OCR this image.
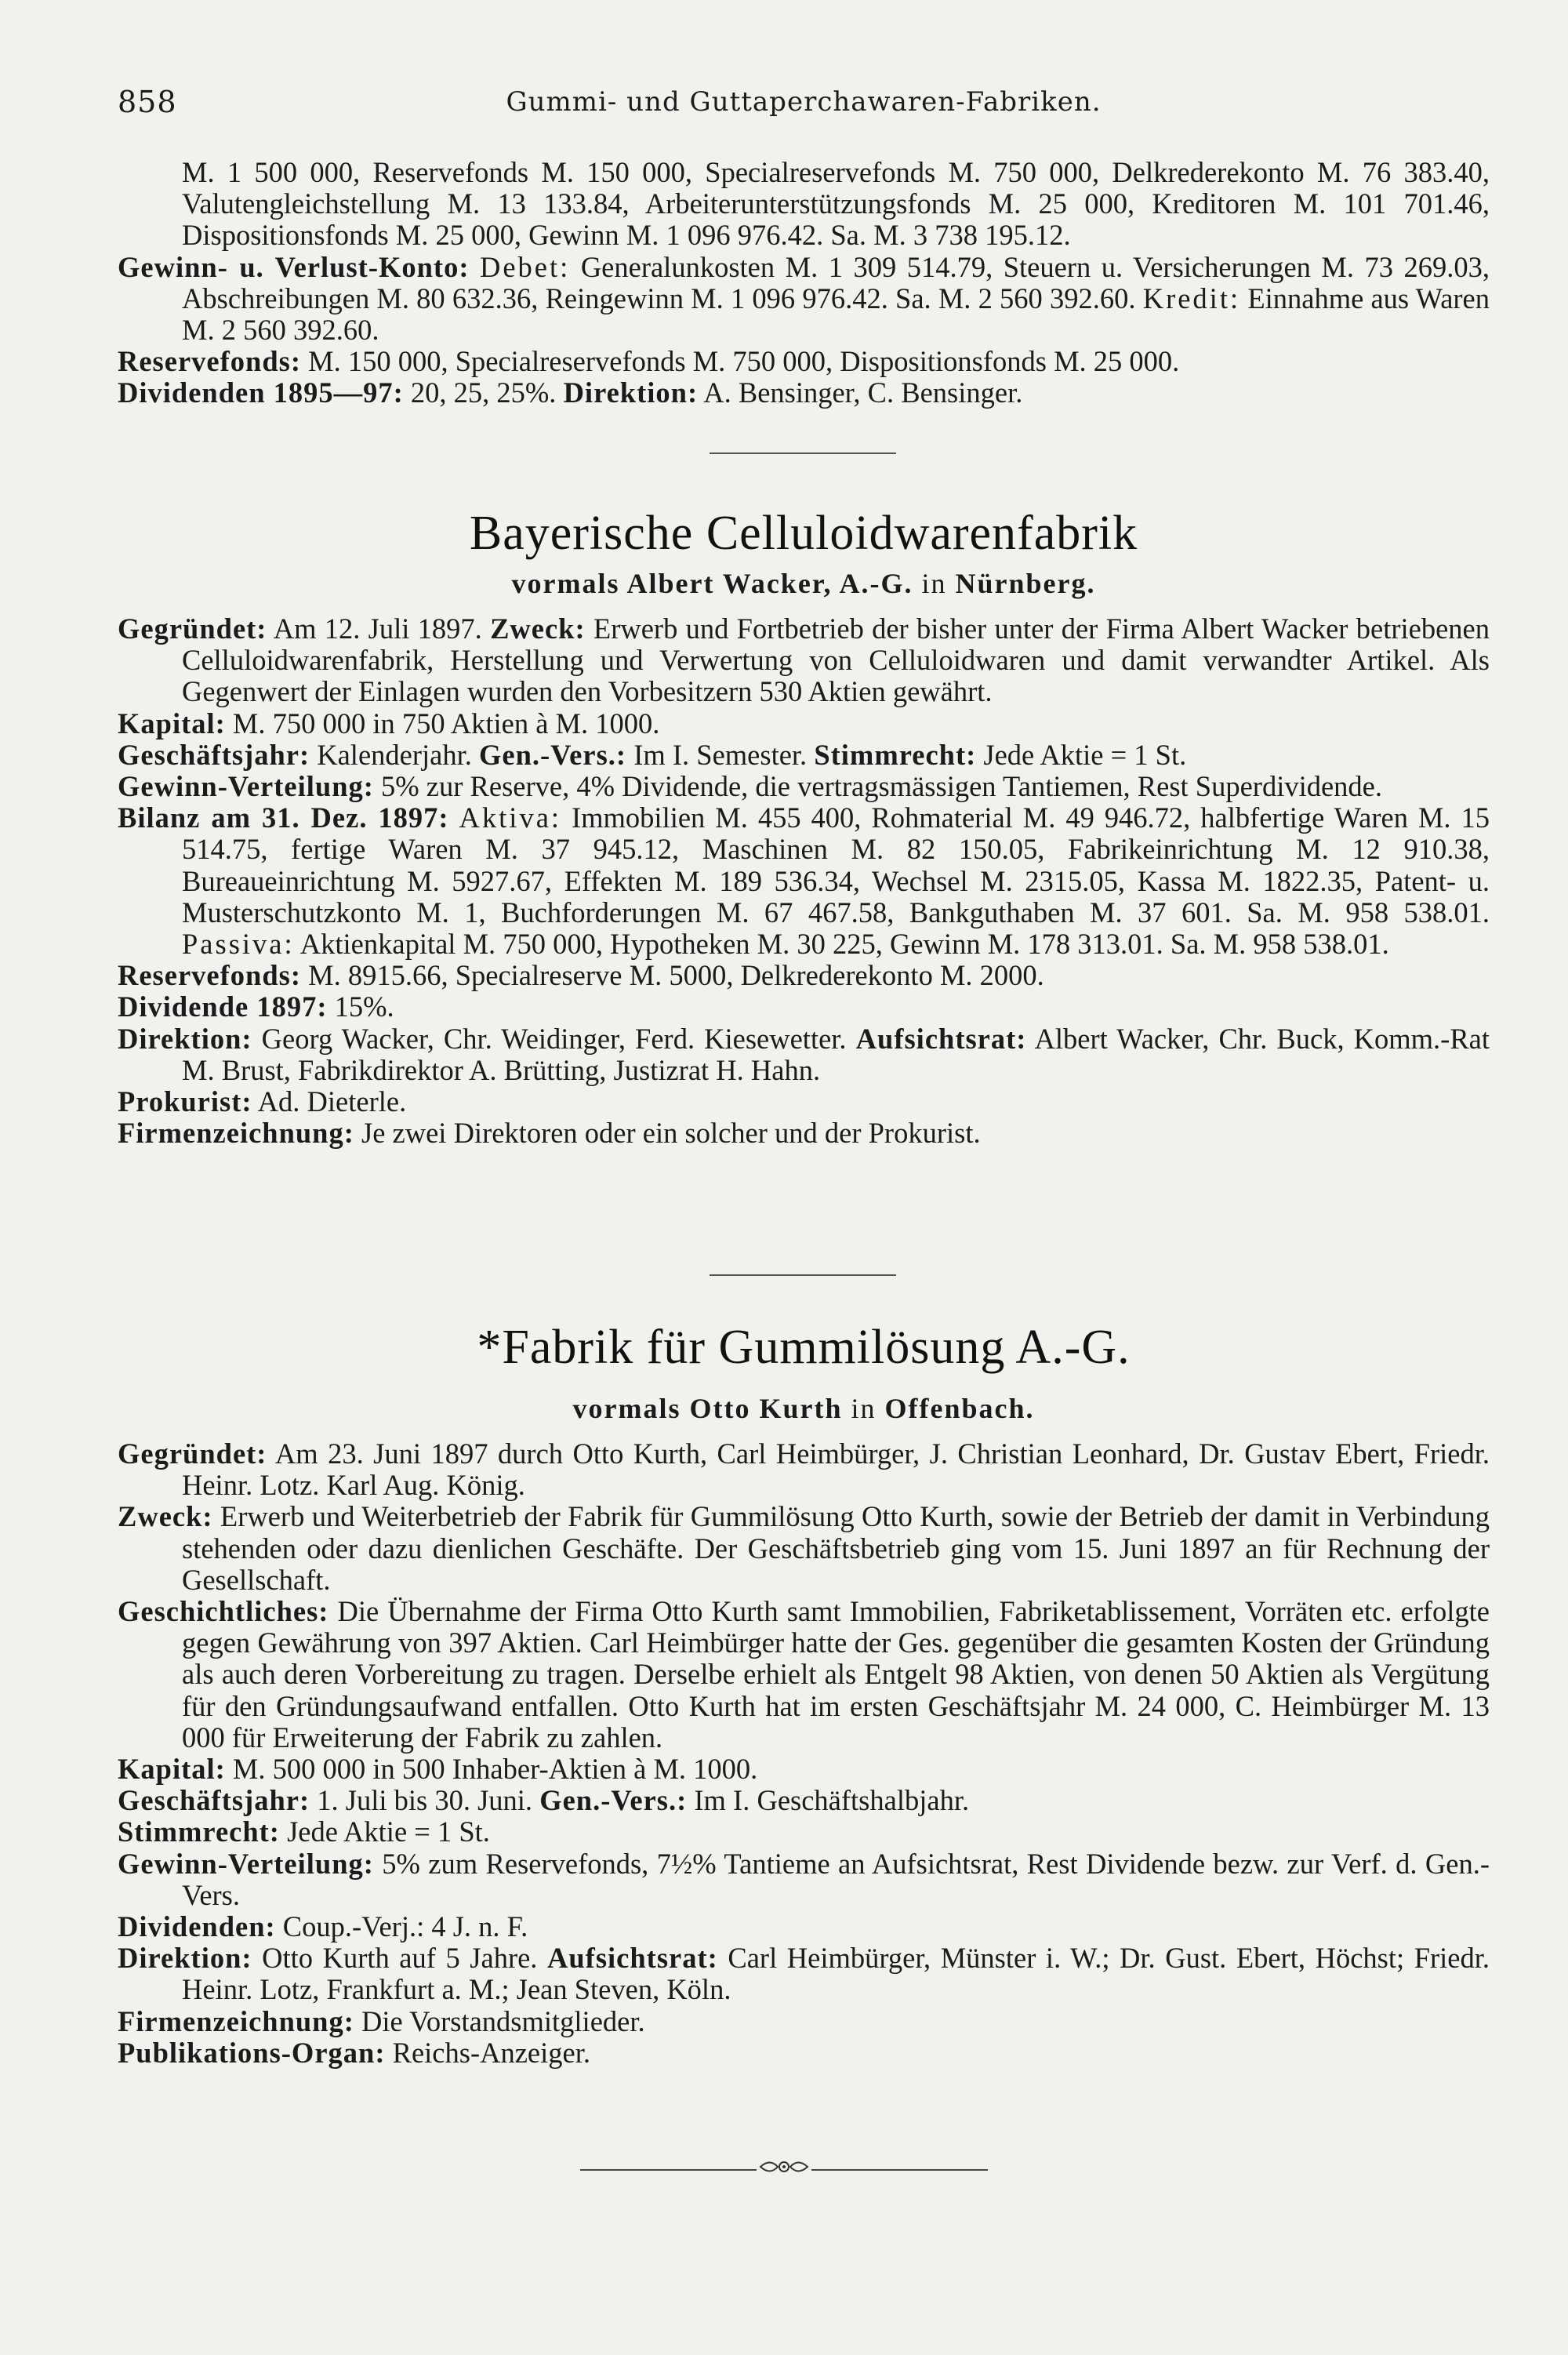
858	Gummi- und Guttaperchawaren-Fabriken.

M. 1 500 000, Reservefonds M. 150 000, Specialreservefonds M. 750 000, Delkrederekonto M. 76 383.40, Valutengleichstellung M. 13 133.84, Arbeiterunterstützungsfonds M. 25 000, Kreditoren M. 101 701.46, Dispositionsfonds M. 25 000, Gewinn M. 1 096 976.42. Sa. M. 3 738 195.12.

Gewinn- u. Verlust-Konto: Debet: Generalunkosten M. 1 309 514.79, Steuern u. Versicherungen M. 73 269.03, Abschreibungen M. 80 632.36, Reingewinn M. 1 096 976.42. Sa. M. 2 560 392.60. Kredit: Einnahme aus Waren M. 2 560 392.60.

Reservefonds: M. 150 000, Specialreservefonds M. 750 000, Dispositionsfonds M. 25 000.

Dividenden 1895—97: 20, 25, 25%. Direktion: A. Bensinger, C. Bensinger.

Bayerische Celluloidwarenfabrik
vormals Albert Wacker, A.-G. in Nürnberg.

Gegründet: Am 12. Juli 1897. Zweck: Erwerb und Fortbetrieb der bisher unter der Firma Albert Wacker betriebenen Celluloidwarenfabrik, Herstellung und Verwertung von Celluloidwaren und damit verwandter Artikel. Als Gegenwert der Einlagen wurden den Vorbesitzern 530 Aktien gewährt.

Kapital: M. 750 000 in 750 Aktien à M. 1000.

Geschäftsjahr: Kalenderjahr. Gen.-Vers.: Im I. Semester. Stimmrecht: Jede Aktie = 1 St.

Gewinn-Verteilung: 5% zur Reserve, 4% Dividende, die vertragsmässigen Tantiemen, Rest Superdividende.

Bilanz am 31. Dez. 1897: Aktiva: Immobilien M. 455 400, Rohmaterial M. 49 946.72, halbfertige Waren M. 15 514.75, fertige Waren M. 37 945.12, Maschinen M. 82 150.05, Fabrikeinrichtung M. 12 910.38, Bureaueinrichtung M. 5927.67, Effekten M. 189 536.34, Wechsel M. 2315.05, Kassa M. 1822.35, Patent- u. Musterschutzkonto M. 1, Buchforderungen M. 67 467.58, Bankguthaben M. 37 601. Sa. M. 958 538.01. Passiva: Aktienkapital M. 750 000, Hypotheken M. 30 225, Gewinn M. 178 313.01. Sa. M. 958 538.01.

Reservefonds: M. 8915.66, Specialreserve M. 5000, Delkrederekonto M. 2000.

Dividende 1897: 15%.

Direktion: Georg Wacker, Chr. Weidinger, Ferd. Kiesewetter. Aufsichtsrat: Albert Wacker, Chr. Buck, Komm.-Rat M. Brust, Fabrikdirektor A. Brütting, Justizrat H. Hahn.

Prokurist: Ad. Dieterle.

Firmenzeichnung: Je zwei Direktoren oder ein solcher und der Prokurist.

*Fabrik für Gummilösung A.-G.
vormals Otto Kurth in Offenbach.

Gegründet: Am 23. Juni 1897 durch Otto Kurth, Carl Heimbürger, J. Christian Leonhard, Dr. Gustav Ebert, Friedr. Heinr. Lotz. Karl Aug. König.

Zweck: Erwerb und Weiterbetrieb der Fabrik für Gummilösung Otto Kurth, sowie der Betrieb der damit in Verbindung stehenden oder dazu dienlichen Geschäfte. Der Geschäftsbetrieb ging vom 15. Juni 1897 an für Rechnung der Gesellschaft.

Geschichtliches: Die Übernahme der Firma Otto Kurth samt Immobilien, Fabriketablissement, Vorräten etc. erfolgte gegen Gewährung von 397 Aktien. Carl Heimbürger hatte der Ges. gegenüber die gesamten Kosten der Gründung als auch deren Vorbereitung zu tragen. Derselbe erhielt als Entgelt 98 Aktien, von denen 50 Aktien als Vergütung für den Gründungsaufwand entfallen. Otto Kurth hat im ersten Geschäftsjahr M. 24 000, C. Heimbürger M. 13 000 für Erweiterung der Fabrik zu zahlen.

Kapital: M. 500 000 in 500 Inhaber-Aktien à M. 1000.

Geschäftsjahr: 1. Juli bis 30. Juni. Gen.-Vers.: Im I. Geschäftshalbjahr.

Stimmrecht: Jede Aktie = 1 St.

Gewinn-Verteilung: 5% zum Reservefonds, 7½% Tantieme an Aufsichtsrat, Rest Dividende bezw. zur Verf. d. Gen.-Vers.

Dividenden: Coup.-Verj.: 4 J. n. F.

Direktion: Otto Kurth auf 5 Jahre. Aufsichtsrat: Carl Heimbürger, Münster i. W.; Dr. Gust. Ebert, Höchst; Friedr. Heinr. Lotz, Frankfurt a. M.; Jean Steven, Köln.

Firmenzeichnung: Die Vorstandsmitglieder.

Publikations-Organ: Reichs-Anzeiger.
